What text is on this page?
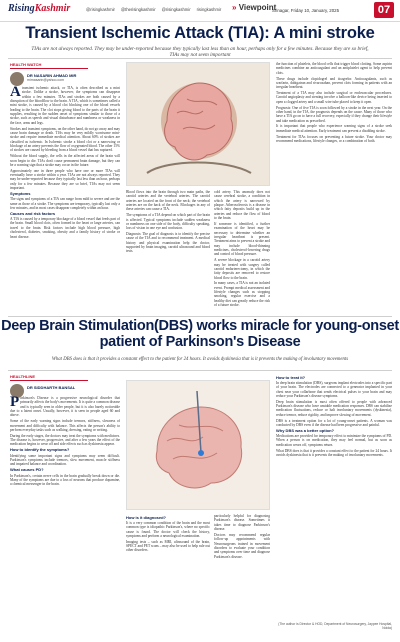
RisingKashmir	@risingkashmir @therisingkashmir @risingkashmir risingkashmir » Viewpoint
Srinagar, Friday 10, January, 2025	07
Transient Ischemic Attack (TIA): A mini stroke
TIAs are not always reported. They may be under-reported because they typically last less than an hour, perhaps only for a few minutes. Because they are so brief, TIAs may not seem important
HEALTH WATCH
DR NASARIN AHMAD MIR
mirnasarin@yahoo.com

Atransient ischemic attack, or TIA, is often described as a mini stroke. Unlike a stroke, however, the symptoms can disappear within a few minutes. TIAs and strokes are both caused by a disruption of the bloodflow to the brain. A TIA, which is sometimes called a mini stroke, is caused by a blood clot blocking one of the blood vessels leading to the brain. The clot stops giving blood to the parts of the brain it supplies, resulting in the sudden onset of symptoms similar to those of a stroke, such as speech and visual disturbance and numbness or weakness in the face, arms and legs.

Strokes and transient symptoms, on the other hand, do not go away and may cause brain damage or death. TIAs may be very mildly worrisome mini-stroke and require immediate medical attention. About 60% of strokes are classified as ischemic. In Ischemic stroke a blood clot or a narrowing or blockage of an artery prevents the flow of oxygenated blood. The other 15% of strokes are caused by bleeding from a blood vessel that has ruptured.

Without the blood supply, the cells in the affected areas of the brain will soon begin to die. TIAs don't cause permanent brain damage, but they can be a warning sign that a stroke may occur in the future.

Approximately one in three people who have one or more TIAs will eventually have a stroke within a year. TIAs are not always reported. They may be under-reported because they typically last less than an hour, perhaps only for a few minutes. Because they are so brief, TIAs may not seem important.

Symptoms

The signs and symptoms of a TIA can range from mild to severe and are the same as those of a stroke. The symptoms are temporary, typically last only a few minutes, and in most cases disappear completely within an hour.

Causes and risk factors

A TIA is caused by a temporary blockage of a blood vessel that feeds part of the brain. Small blood clots, often formed in the heart or large arteries, can travel to the brain. Risk factors include high blood pressure, high cholesterol, diabetes, smoking, obesity and a family history of stroke or heart disease.

Blood flows into the brain through two main paths, the carotid arteries and the vertebral arteries. The carotid arteries are located on the front of the neck; the vertebral arteries are on the back of the neck. Blockages in any of these arteries can cause a TIA.

The symptoms of a TIA depend on which part of the brain is affected. Typical symptoms include sudden weakness or numbness on one side of the body, difficulty speaking, loss of vision in one eye and confusion.

Diagnosis: The goal of diagnosis is to identify the precise cause of the TIA and to recommend treatment. A medical history and physical examination help the doctor, supported by brain imaging, carotid ultrasound and blood tests.

cold artery. This anomaly does not cause cerebral stroke, a condition in which the artery is narrowed by plaque. Atherosclerosis is a disease in which fatty deposits build up in the arteries and reduce the flow of blood to the brain.

If someone is identified, a further examination of the heart may be necessary to determine whether an irregular heartbeat is present. Treatment aims to prevent a stroke and may include blood-thinning medicines, cholesterol-lowering drugs and control of blood pressure.

A severe blockage in a carotid artery may be treated with surgery called carotid endarterectomy, in which the fatty deposits are removed to restore blood flow to the brain.

In many cases, a TIA is not an isolated event. Prompt medical assessment and lifestyle changes such as stopping smoking, regular exercise and a healthy diet can greatly reduce the risk of a future stroke.

the function of platelets, the blood cells that trigger blood clotting. Some aspirin medicines combine an anticoagulant and an antiplatelet agent to help prevent clots.

These drugs include clopidogrel and ticagrelor. Anticoagulants, such as warfarin, dabigatran and rivaroxaban, prevent clots forming in patients with an irregular heartbeat.

Treatment of a TIA may also include surgical or endovascular procedures. Carotid angioplasty and stenting involve a balloon-like device being inserted to open a clogged artery and a small wire tube placed to keep it open.

Prognosis: One of five TIA is soon followed by a stroke in the next year. On the other hand, in the TIA, the prognosis depends on the cause. Many of those who have a TIA go on to have a full recovery, especially if they change their lifestyle and take medication as prescribed.

It is important that people who experience warning signs of a stroke seek immediate medical attention. Early treatment can prevent a disabling stroke.

Treatment for TIAs focuses on preventing a future stroke. Your doctor may recommend medications, lifestyle changes, or a combination of both.

Deep Brain Stimulation(DBS) works miracle for young-onset patient of Parkinson's Disease
What DBS does is that it provides a constant effect to the patient for 24 hours. It avoids dyskinesia that is it prevents the making of involuntary movements
HEALTHLINE
DR SIDDHARTH BANSAL

Parkinson's Disease is a progressive neurological disorder that primarily affects the body's movements. It is quite a common disease and is typically seen in older people, but it is also barely noticeable due to a latent onset. Usually, however, it is seen in people aged 60 and above.

Some of the early warning signs include tremors, stiffness, slowness of movement and difficulty with balance. This affects the person's ability to perform everyday tasks such as walking, dressing, eating or writing.

During the early stages, the doctors may treat the symptoms with medicines. The disease is, however, progressive, and after a few years the effect of the medication begins to wear off and side effects such as dyskinesia appear.

How to identify the symptoms?

Identifying some important signs and symptoms may seem difficult. Parkinson's symptoms include tremors, slow movement, muscle stiffness and impaired balance and coordination.

What causes PD?

In Parkinson's, certain nerve cells in the brain gradually break down or die. Many of the symptoms are due to a loss of neurons that produce dopamine, a chemical messenger in the brain.

How is it diagnosed?

It is a very common condition of the brain and the most common type is idiopathic Parkinson's, where no specific cause is found. The doctor will check the history, symptoms and perform a neurological examination.

Imaging tests – such as MRI, ultrasound of the brain, SPECT and PET scans – may also be used to help rule out other disorders.

particularly helpful for diagnosing Parkinson's disease. Sometimes it takes time to diagnose Parkinson's disease.

Doctors may recommend regular follow-up appointments with Neurosurgeons trained in movement disorders to evaluate your condition and symptoms over time and diagnose Parkinson's disease.

How to treat it?

In deep brain stimulation (DBS), surgeons implant electrodes into a specific part of your brain. The electrodes are connected to a generator implanted in your chest near your collarbone that sends electrical pulses to your brain and may reduce your Parkinson's disease symptoms.

Deep brain stimulation is most often offered to people with advanced Parkinson's disease who have unstable medication responses. DBS can stabilize medication fluctuations, reduce or halt involuntary movements (dyskinesia), reduce tremor, reduce rigidity, and improve slowing of movement.

DBS is a treatment option for a lot of young-onset patients. A woman was conducted by DBS even if the disease had been progressive and painful.

Why DBS was a better option?

Medications are provided for temporary effect to minimize the symptoms of PD. When a person is on medication, they may feel normal, but as soon as medication wears off, symptoms return.

What DBS does is that it provides a constant effect to the patient for 24 hours. It avoids dyskinesia that is it prevents the making of involuntary movements.

(The author is Director & HOD, Department of Neurosurgery, Jaypee Hospital, Noida)
